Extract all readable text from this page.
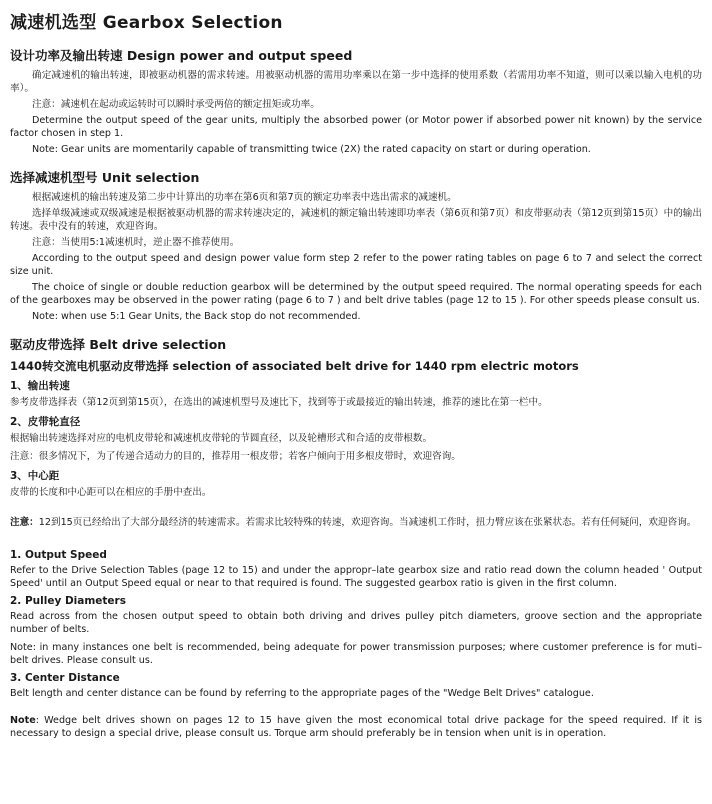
减速机选型 Gearbox Selection
设计功率及输出转速 Design power and output speed

确定减速机的输出转速，即被驱动机器的需求转速。用被驱动机器的需用功率乘以在第一步中选择的使用系数（若需用功率不知道，则可以乘以输入电机的功率）。

注意：减速机在起动或运转时可以瞬时承受两倍的额定扭矩或功率。

Determine the output speed of the gear units, multiply the absorbed power (or Motor power if absorbed power nit known) by the service factor chosen in step 1.

Note: Gear units are momentarily capable of transmitting twice (2X) the rated capacity on start or during operation.

选择减速机型号 Unit selection

根据减速机的输出转速及第二步中计算出的功率在第6页和第7页的额定功率表中选出需求的减速机。

选择单级减速或双级减速是根据被驱动机器的需求转速决定的，减速机的额定输出转速即功率表（第6页和第7页）和皮带驱动表（第12页到第15页）中的输出转速。表中没有的转速，欢迎咨询。

注意：当使用5:1减速机时，逆止器不推荐使用。

According to the output speed and design power value form step 2 refer to the power rating tables on page 6 to 7 and select the correct size unit.

The choice of single or double reduction gearbox will be determined by the output speed required. The normal operating speeds for each of the gearboxes may be observed in the power rating (page 6 to 7 ) and belt drive tables (page 12 to 15 ). For other speeds please consult us.

Note: when use 5:1 Gear Units, the Back stop do not recommended.

驱动皮带选择 Belt drive selection
1440转交流电机驱动皮带选择 selection of associated belt drive for 1440 rpm electric motors
1、输出转速

参考皮带选择表（第12页到第15页），在选出的减速机型号及速比下，找到等于或最接近的输出转速，推荐的速比在第一栏中。

2、皮带轮直径

根据输出转速选择对应的电机皮带轮和减速机皮带轮的节圆直径，以及轮槽形式和合适的皮带根数。

注意：很多情况下，为了传递合适动力的目的，推荐用一根皮带；若客户倾向于用多根皮带时，欢迎咨询。

3、中心距

皮带的长度和中心距可以在相应的手册中查出。

注意：12到15页已经给出了大部分最经济的转速需求。若需求比较特殊的转速，欢迎咨询。当减速机工作时，扭力臂应该在张紧状态。若有任何疑问，欢迎咨询。

1. Output Speed

Refer to the Drive Selection Tables (page 12 to 15) and under the appropr–late gearbox size and ratio read down the column headed ' Output Speed' until an Output Speed equal or near to that required is found. The suggested gearbox ratio is given in the first column.

2. Pulley Diameters

Read across from the chosen output speed to obtain both driving and drives pulley pitch diameters, groove section and the appropriate number of belts.

Note: in many instances one belt is recommended, being adequate for power transmission purposes; where customer preference is for muti–belt drives. Please consult us.

3. Center Distance

Belt length and center distance can be found by referring to the appropriate pages of the "Wedge Belt Drives" catalogue.

Note: Wedge belt drives shown on pages 12 to 15 have given the most economical total drive package for the speed required. If it is necessary to design a special drive, please consult us. Torque arm should preferably be in tension when unit is in operation.
